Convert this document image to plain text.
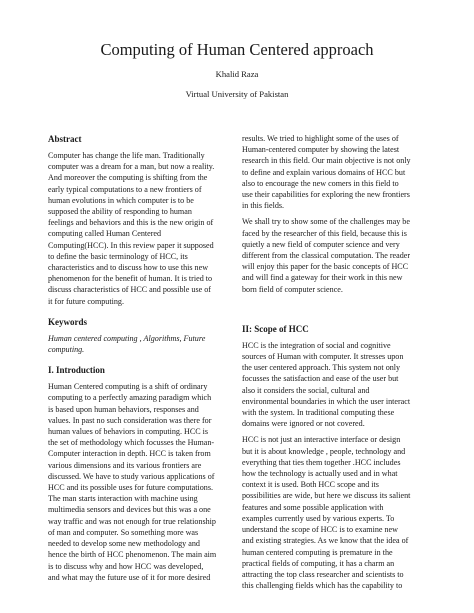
Computing of Human Centered approach
Khalid Raza
Virtual University of Pakistan
Abstract
Computer has change the life man. Traditionally
computer was a dream for a man, but now a reality.
And moreover the computing is shifting from the
early typical computations to a new frontiers of
human evolutions in which computer is to be
supposed the ability of responding to human
feelings and behaviors and this is the new origin of
computing called Human Centered
Computing(HCC). In this review paper it supposed
to define the basic terminology of HCC, its
characteristics and to discuss how to use this new
phenomenon for the benefit of human. It is tried to
discuss characteristics of HCC and possible use of
it for future computing.
Keywords
Human centered computing , Algorithms, Future
computing.
I. Introduction
Human Centered computing is a shift of ordinary
computing to a perfectly amazing paradigm which
is based upon human behaviors, responses and
values. In past no such consideration was there for
human values of behaviors in computing. HCC is
the set of methodology which focusses the Human-
Computer interaction in depth. HCC is taken from
various dimensions and its various frontiers are
discussed. We have to study various applications of
HCC and its possible uses for future computations.
The man starts interaction with machine using
multimedia sensors and devices but this was a one
way traffic and was not enough for true relationship
of man and computer. So something more was
needed to develop some new methodology and
hence the birth of HCC phenomenon. The main aim
is to discuss why and how HCC was developed,
and what may the future use of it for more desired
results. We tried to highlight some of the uses of
Human-centered computer by showing the latest
research in this field. Our main objective is not only
to define and explain various domains of HCC but
also to encourage the new comers in this field to
use their capabilities for exploring the new frontiers
in this fields.
We shall try to show some of the challenges may be
faced by the researcher of this field, because this is
quietly a new field of computer science and very
different from the classical computation. The reader
will enjoy this paper for the basic concepts of HCC
and will find a gateway for their work in this new
born field of computer science.
II: Scope of HCC
HCC is the integration of social and cognitive
sources of Human with computer. It stresses upon
the user centered approach. This system not only
focusses the satisfaction and ease of the user but
also it considers the social, cultural and
environmental boundaries in which the user interact
with the system. In traditional computing these
domains were ignored or not covered.
HCC is not just an interactive interface or design
but it is about knowledge , people, technology and
everything that ties them together .HCC includes
how the technology is actually used and in what
context it is used. Both HCC scope and its
possibilities are wide, but here we discuss its salient
features and some possible application with
examples currently used by various experts. To
understand the scope of HCC is to examine new
and existing strategies. As we know that the idea of
human centered computing is premature in the
practical fields of computing, it has a charm an
attracting the top class researcher and scientists to
this challenging fields which has the capability to
